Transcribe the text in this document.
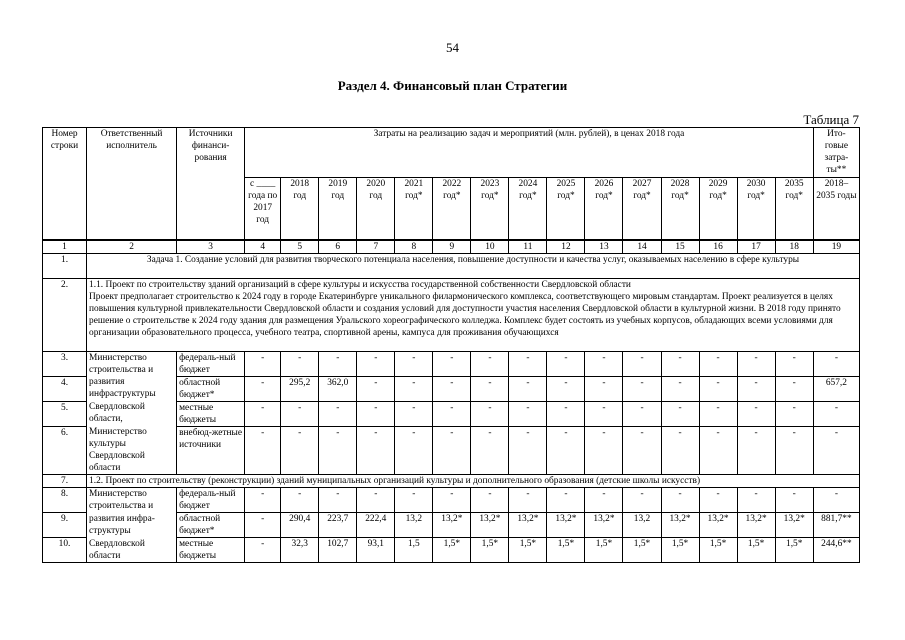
54
Раздел 4. Финансовый план Стратегии
Таблица 7
Номер строки	Ответственный исполнитель	Источники финанси-рования	Затраты на реализацию задач и мероприятий (млн. рублей), в ценах 2018 года															Ито-говые затра-ты**
			с ____ года по 2017 год	2018 год	2019 год	2020 год	2021 год*	2022 год*	2023 год*	2024 год*	2025 год*	2026 год*	2027 год*	2028 год*	2029 год*	2030 год*	2035 год*	2018–2035 годы
1	2	3	4	5	6	7	8	9	10	11	12	13	14	15	16	17	18	19
1.	Задача 1. Создание условий для развития творческого потенциала населения, повышение доступности и качества услуг, оказываемых населению в сфере культуры																	
2.	1.1. Проект по строительству зданий организаций в сфере культуры и искусства государственной собственности Свердловской области
Проект предполагает строительство к 2024 году в городе Екатеринбурге уникального филармонического комплекса, соответствующего мировым стандартам. Проект реализуется в целях повышения культурной привлекательности Свердловской области и создания условий для доступности участия населения Свердловской области в культурной жизни. В 2018 году принято решение о строительстве к 2024 году здания для размещения Уральского хореографического колледжа. Комплекс будет состоять из учебных корпусов, обладающих всеми условиями для организации образовательного процесса, учебного театра, спортивной арены, кампуса для проживания обучающихся																	
3.	Министерство строительства и	федераль-ный бюджет	-	-	-	-	-	-	-	-	-	-	-	-	-	-	-	-
4.	развития инфраструктуры	областной бюджет*	-	295,2	362,0	-	-	-	-	-	-	-	-	-	-	-	-	657,2
5.	Свердловской области,	местные бюджеты	-	-	-	-	-	-	-	-	-	-	-	-	-	-	-	-
6.	Министерство культуры Свердловской области	внебюд-жетные источники	-	-	-	-	-	-	-	-	-	-	-	-	-	-	-	-
7.	1.2. Проект по строительству (реконструкции) зданий муниципальных организаций культуры и дополнительного образования (детские школы искусств)																	
8.	Министерство строительства и	федераль-ный бюджет	-	-	-	-	-	-	-	-	-	-	-	-	-	-	-	-
9.	развития инфра-структуры	областной бюджет*	-	290,4	223,7	222,4	13,2	13,2*	13,2*	13,2*	13,2*	13,2*	13,2	13,2*	13,2*	13,2*	13,2*	881,7**
10.	Свердловской области	местные бюджеты	-	32,3	102,7	93,1	1,5	1,5*	1,5*	1,5*	1,5*	1,5*	1,5*	1,5*	1,5*	1,5*	1,5*	244,6**
